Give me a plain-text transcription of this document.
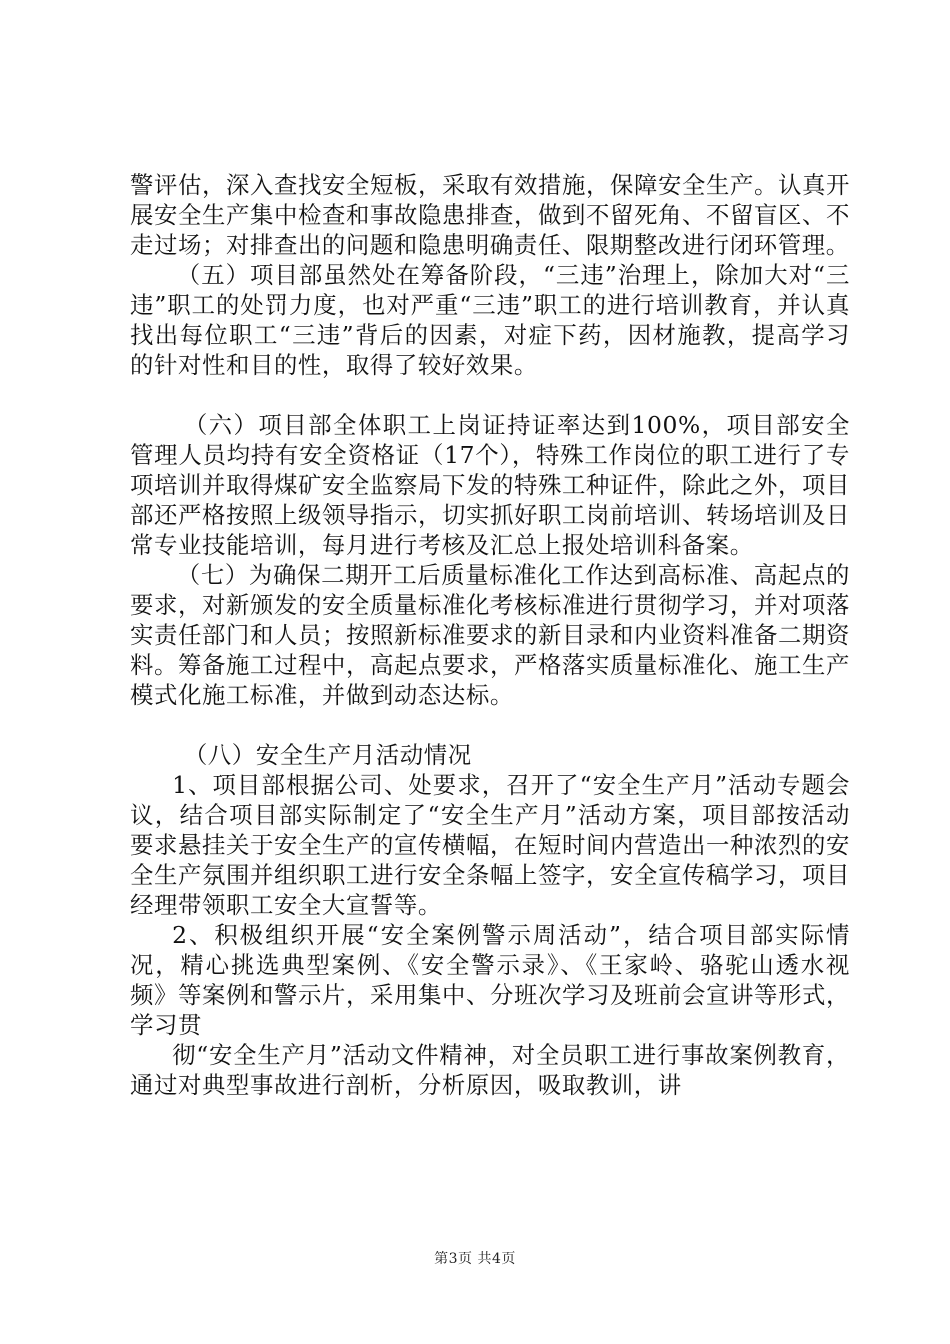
警评估，深入查找安全短板，采取有效措施，保障安全生产。认真开展安全生产集中检查和事故隐患排查，做到不留死角、不留盲区、不走过场；对排查出的问题和隐患明确责任、限期整改进行闭环管理。

（五）项目部虽然处在筹备阶段，“三违”治理上，除加大对“三违”职工的处罚力度，也对严重“三违”职工的进行培训教育，并认真找出每位职工“三违”背后的因素，对症下药，因材施教，提高学习的针对性和目的性，取得了较好效果。

（六）项目部全体职工上岗证持证率达到100%，项目部安全管理人员均持有安全资格证（17个），特殊工作岗位的职工进行了专项培训并取得煤矿安全监察局下发的特殊工种证件，除此之外，项目部还严格按照上级领导指示，切实抓好职工岗前培训、转场培训及日常专业技能培训，每月进行考核及汇总上报处培训科备案。

（七）为确保二期开工后质量标准化工作达到高标准、高起点的要求，对新颁发的安全质量标准化考核标准进行贯彻学习，并对项落实责任部门和人员；按照新标准要求的新目录和内业资料准备二期资料。筹备施工过程中，高起点要求，严格落实质量标准化、施工生产模式化施工标准，并做到动态达标。

（八）安全生产月活动情况

1、项目部根据公司、处要求，召开了“安全生产月”活动专题会议，结合项目部实际制定了“安全生产月”活动方案，项目部按活动要求悬挂关于安全生产的宣传横幅，在短时间内营造出一种浓烈的安全生产氛围并组织职工进行安全条幅上签字，安全宣传稿学习，项目经理带领职工安全大宣誓等。

2、积极组织开展“安全案例警示周活动”，结合项目部实际情况，精心挑选典型案例、《安全警示录》、《王家岭、骆驼山透水视频》等案例和警示片，采用集中、分班次学习及班前会宣讲等形式，学习贯

彻“安全生产月”活动文件精神，对全员职工进行事故案例教育，通过对典型事故进行剖析，分析原因，吸取教训，讲

第3页 共4页
